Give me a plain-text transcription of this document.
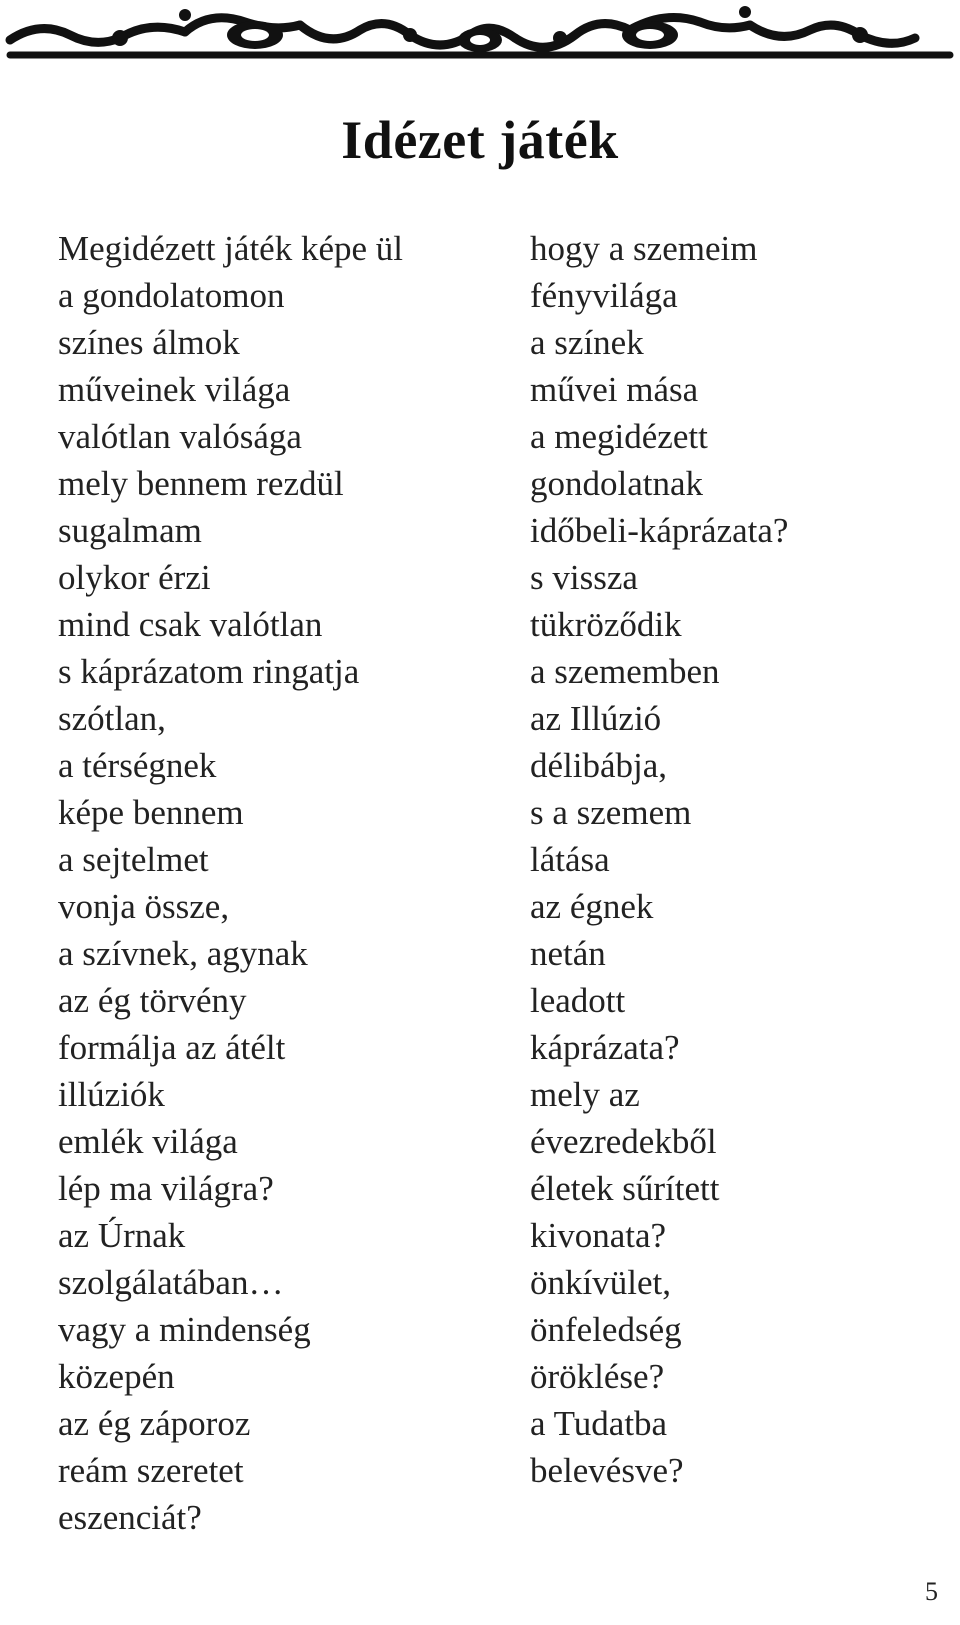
Idézet játék
Megidézett játék képe ül
a gondolatomon
színes álmok
műveinek világa
valótlan valósága
mely bennem rezdül
sugalmam
olykor érzi
mind csak valótlan
s káprázatom ringatja
szótlan,
a térségnek
képe bennem
a sejtelmet
vonja össze,
a szívnek, agynak
az ég törvény
formálja az átélt
illúziók
emlék világa
lép ma világra?
az Úrnak
szolgálatában…
vagy a mindenség
közepén
az ég záporoz
reám szeretet
eszenciát?
hogy a szemeim
fényvilága
a színek
művei mása
a megidézett
gondolatnak
időbeli-káprázata?
s vissza
tükröződik
a szememben
az Illúzió
délibábja,
s a szemem
látása
az égnek
netán
leadott
káprázata?
mely az
évezredekből
életek sűrített
kivonata?
önkívület,
önfeledség
öröklése?
a Tudatba
belevésve?
5
